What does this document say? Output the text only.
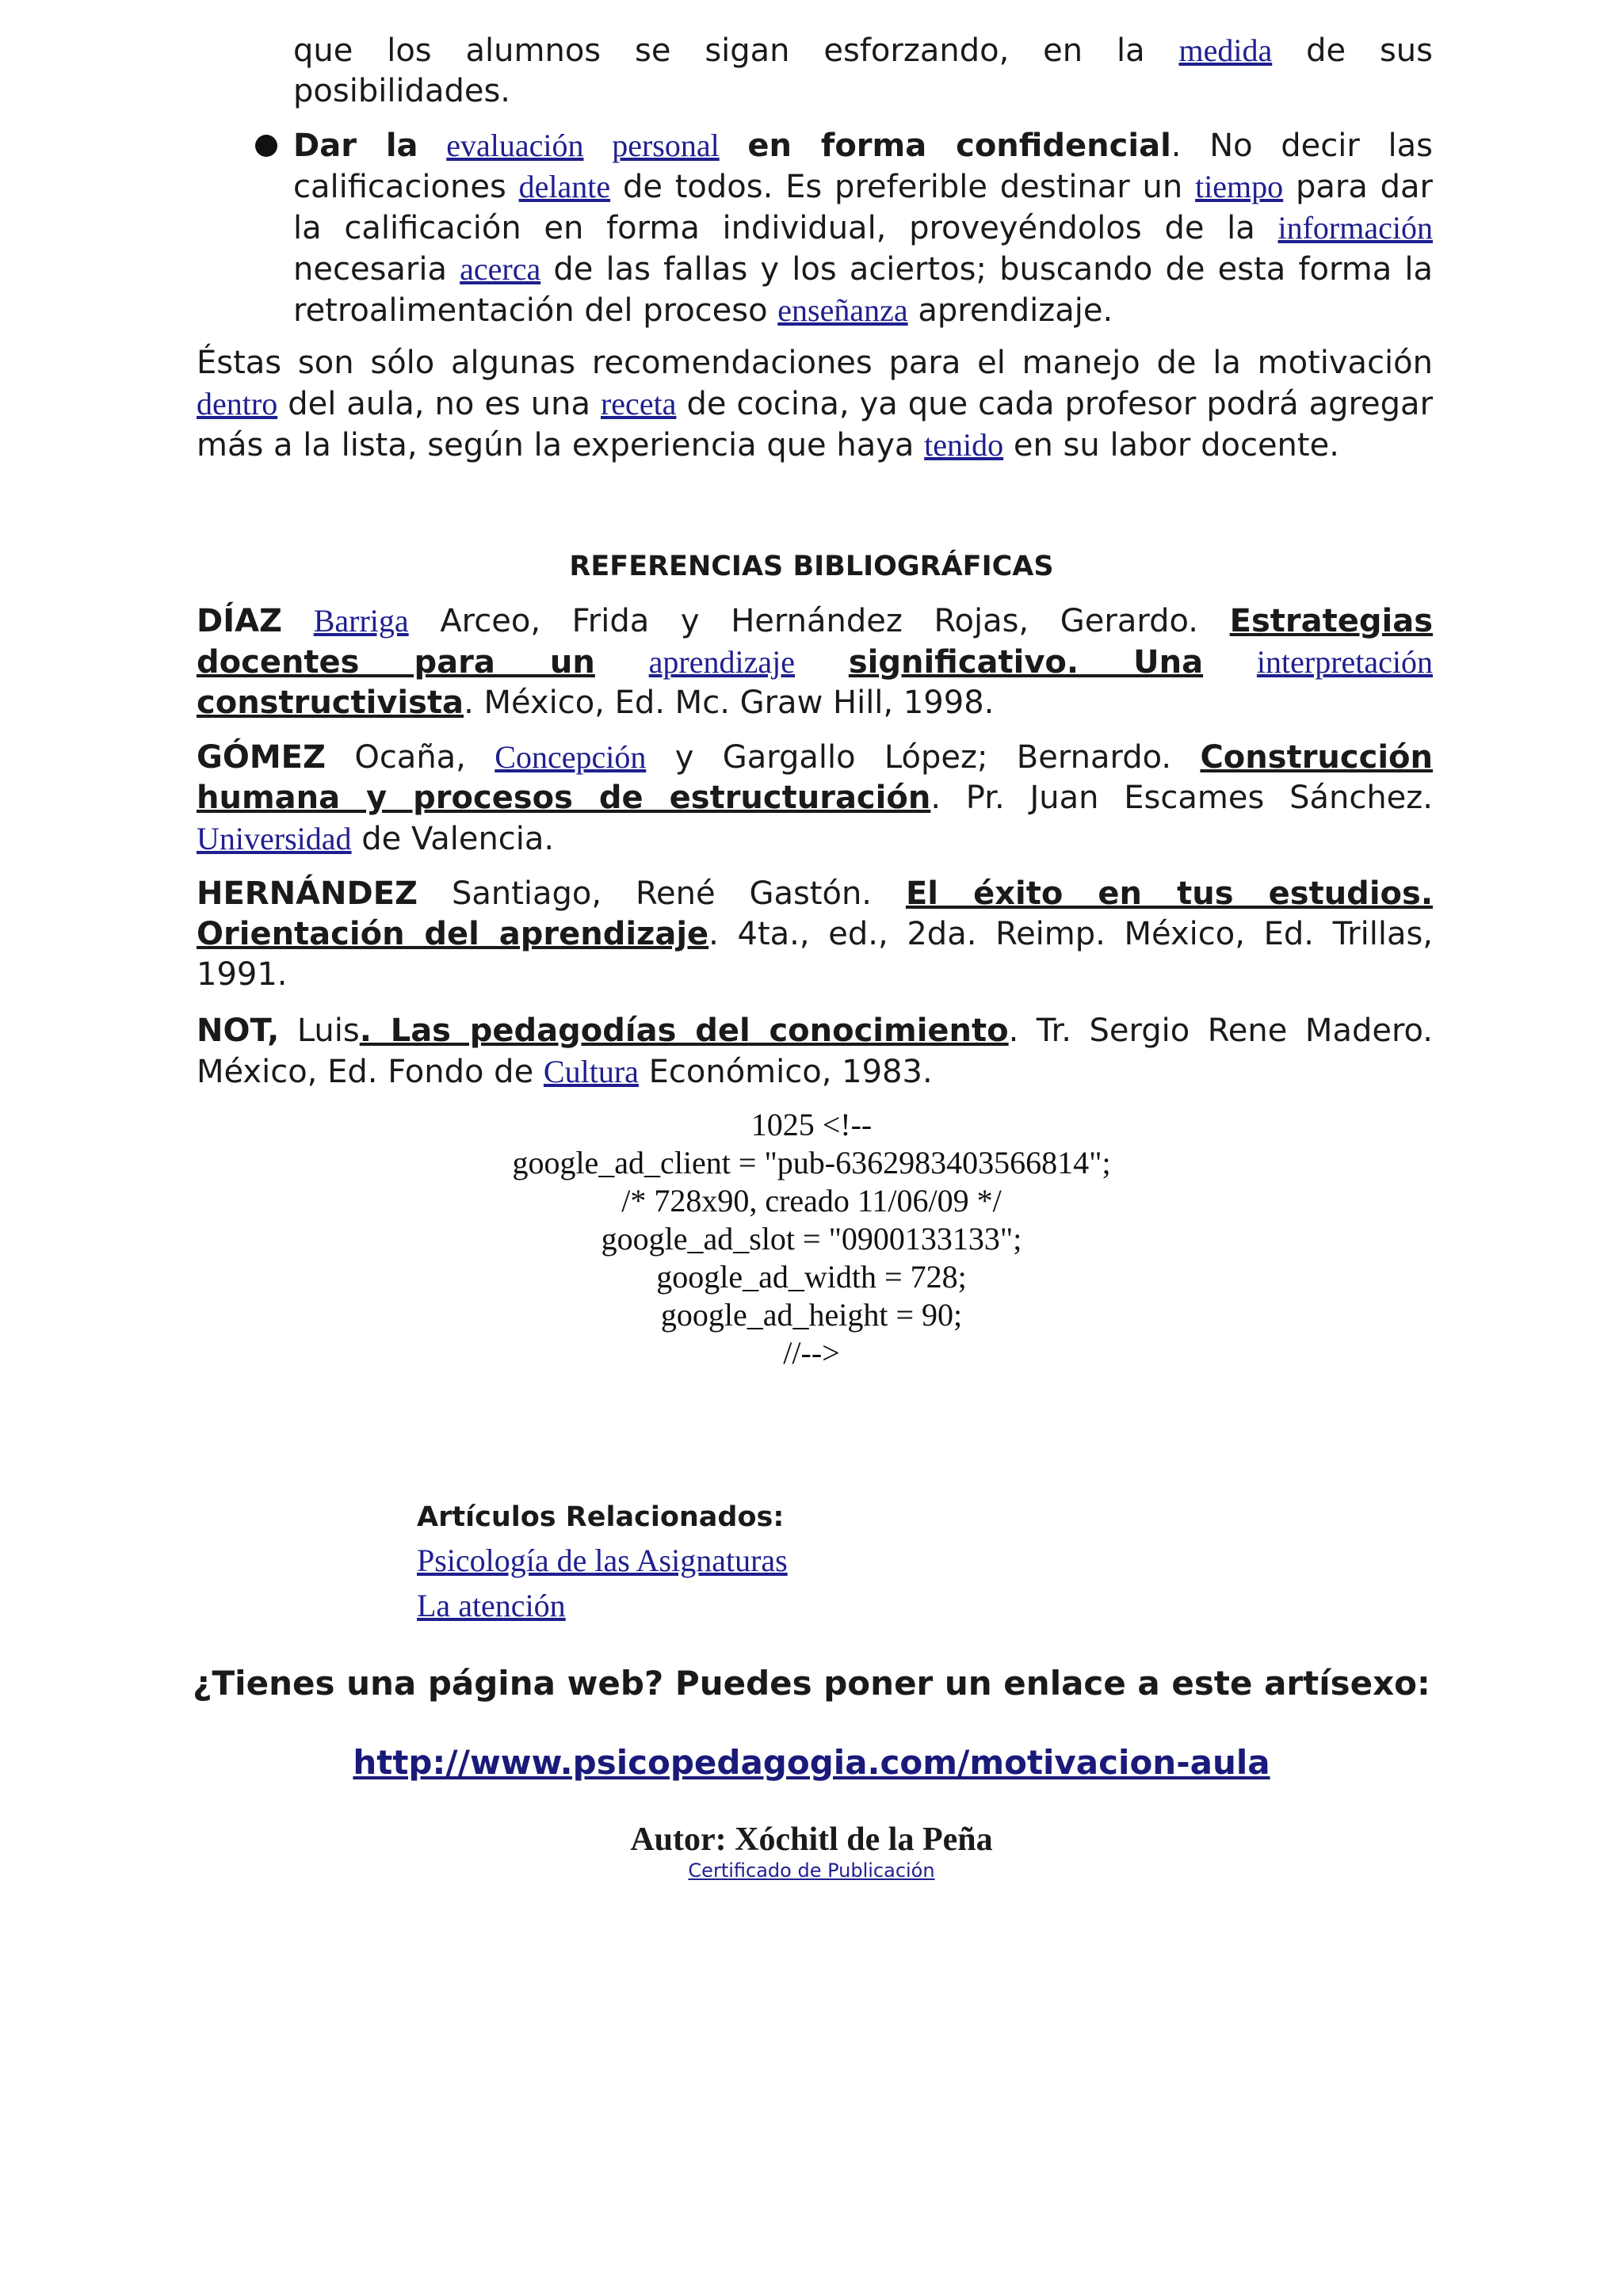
que los alumnos se sigan esforzando, en la medida de sus
posibilidades.
Dar la evaluación personal en forma confidencial. No decir las calificaciones delante de todos. Es preferible destinar un tiempo para dar la calificación en forma individual, proveyéndolos de la información necesaria acerca de las fallas y los aciertos; buscando de esta forma la retroalimentación del proceso enseñanza aprendizaje.
Éstas son sólo algunas recomendaciones para el manejo de la motivación dentro del aula, no es una receta de cocina, ya que cada profesor podrá agregar más a la lista, según la experiencia que haya tenido en su labor docente.
REFERENCIAS BIBLIOGRÁFICAS
DÍAZ Barriga Arceo, Frida y Hernández Rojas, Gerardo. Estrategias docentes para un aprendizaje significativo. Una interpretación constructivista. México, Ed. Mc. Graw Hill, 1998.
GÓMEZ Ocaña, Concepción y Gargallo López; Bernardo. Construcción humana y procesos de estructuración. Pr. Juan Escames Sánchez. Universidad de Valencia.
HERNÁNDEZ Santiago, René Gastón. El éxito en tus estudios. Orientación del aprendizaje. 4ta., ed., 2da. Reimp. México, Ed. Trillas, 1991.
NOT, Luis. Las pedagodías del conocimiento. Tr. Sergio Rene Madero. México, Ed. Fondo de Cultura Económico, 1983.
1025 <!--
google_ad_client = "pub-6362983403566814";
/* 728x90, creado 11/06/09 */
google_ad_slot = "0900133133";
google_ad_width = 728;
google_ad_height = 90;
//-->
Artículos Relacionados:
Psicología de las Asignaturas
La atención
¿Tienes una página web? Puedes poner un enlace a este artísexo:
http://www.psicopedagogia.com/motivacion-aula
Autor: Xóchitl de la Peña
Certificado de Publicación
